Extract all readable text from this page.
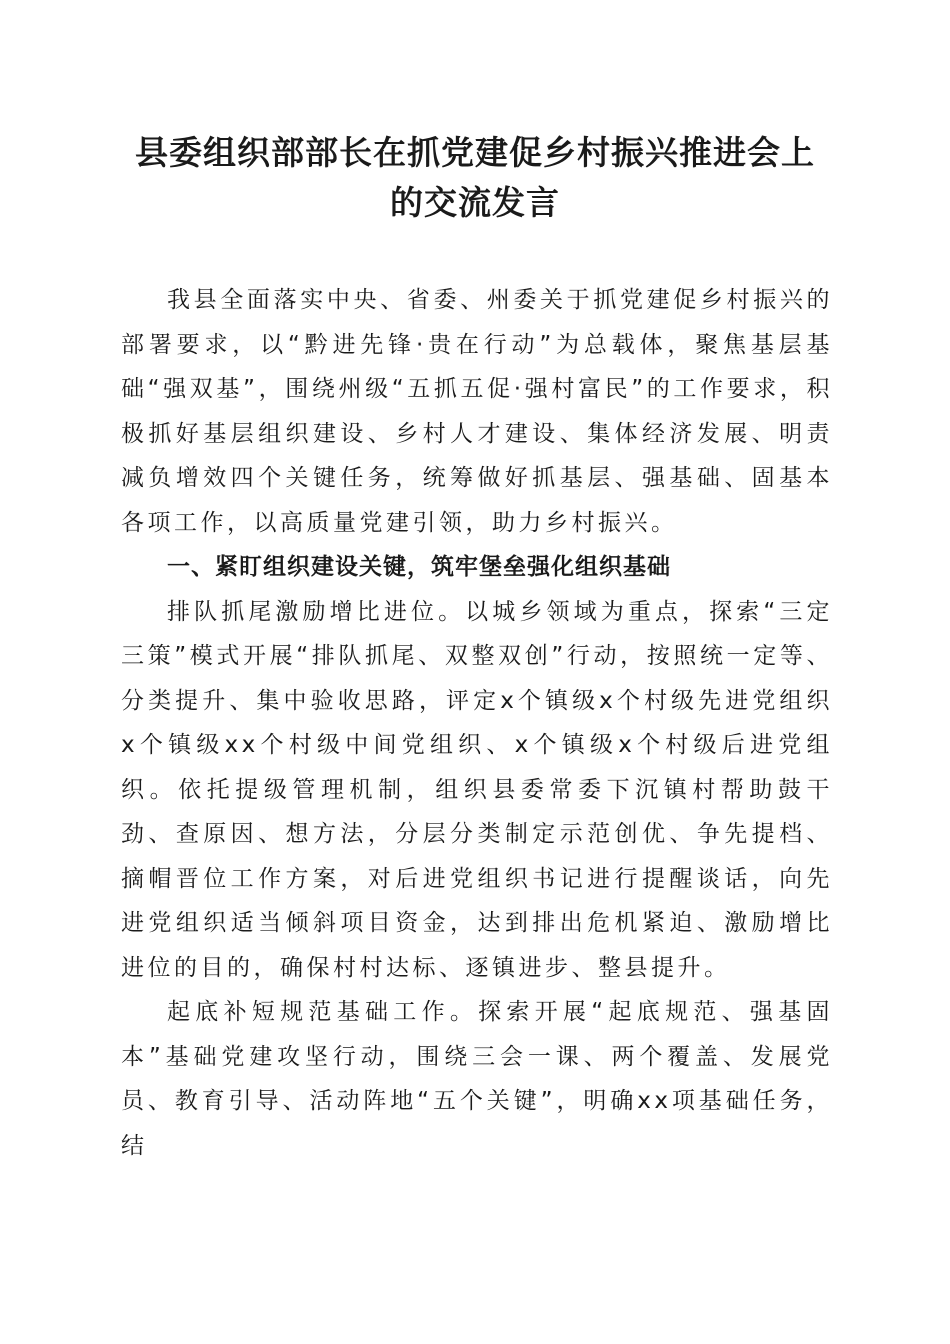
县委组织部部长在抓党建促乡村振兴推进会上
的交流发言

我县全面落实中央、省委、州委关于抓党建促乡村振兴的部署要求，以“黔进先锋·贵在行动”为总载体，聚焦基层基础“强双基”，围绕州级“五抓五促·强村富民”的工作要求，积极抓好基层组织建设、乡村人才建设、集体经济发展、明责减负增效四个关键任务，统筹做好抓基层、强基础、固基本各项工作，以高质量党建引领，助力乡村振兴。

一、紧盯组织建设关键，筑牢堡垒强化组织基础

排队抓尾激励增比进位。以城乡领域为重点，探索“三定三策”模式开展“排队抓尾、双整双创”行动，按照统一定等、分类提升、集中验收思路，评定x个镇级x个村级先进党组织x个镇级xx个村级中间党组织、x个镇级x个村级后进党组织。依托提级管理机制，组织县委常委下沉镇村帮助鼓干劲、查原因、想方法，分层分类制定示范创优、争先提档、摘帽晋位工作方案，对后进党组织书记进行提醒谈话，向先进党组织适当倾斜项目资金，达到排出危机紧迫、激励增比进位的目的，确保村村达标、逐镇进步、整县提升。

起底补短规范基础工作。探索开展“起底规范、强基固本”基础党建攻坚行动，围绕三会一课、两个覆盖、发展党员、教育引导、活动阵地“五个关键”，明确xx项基础任务，结
